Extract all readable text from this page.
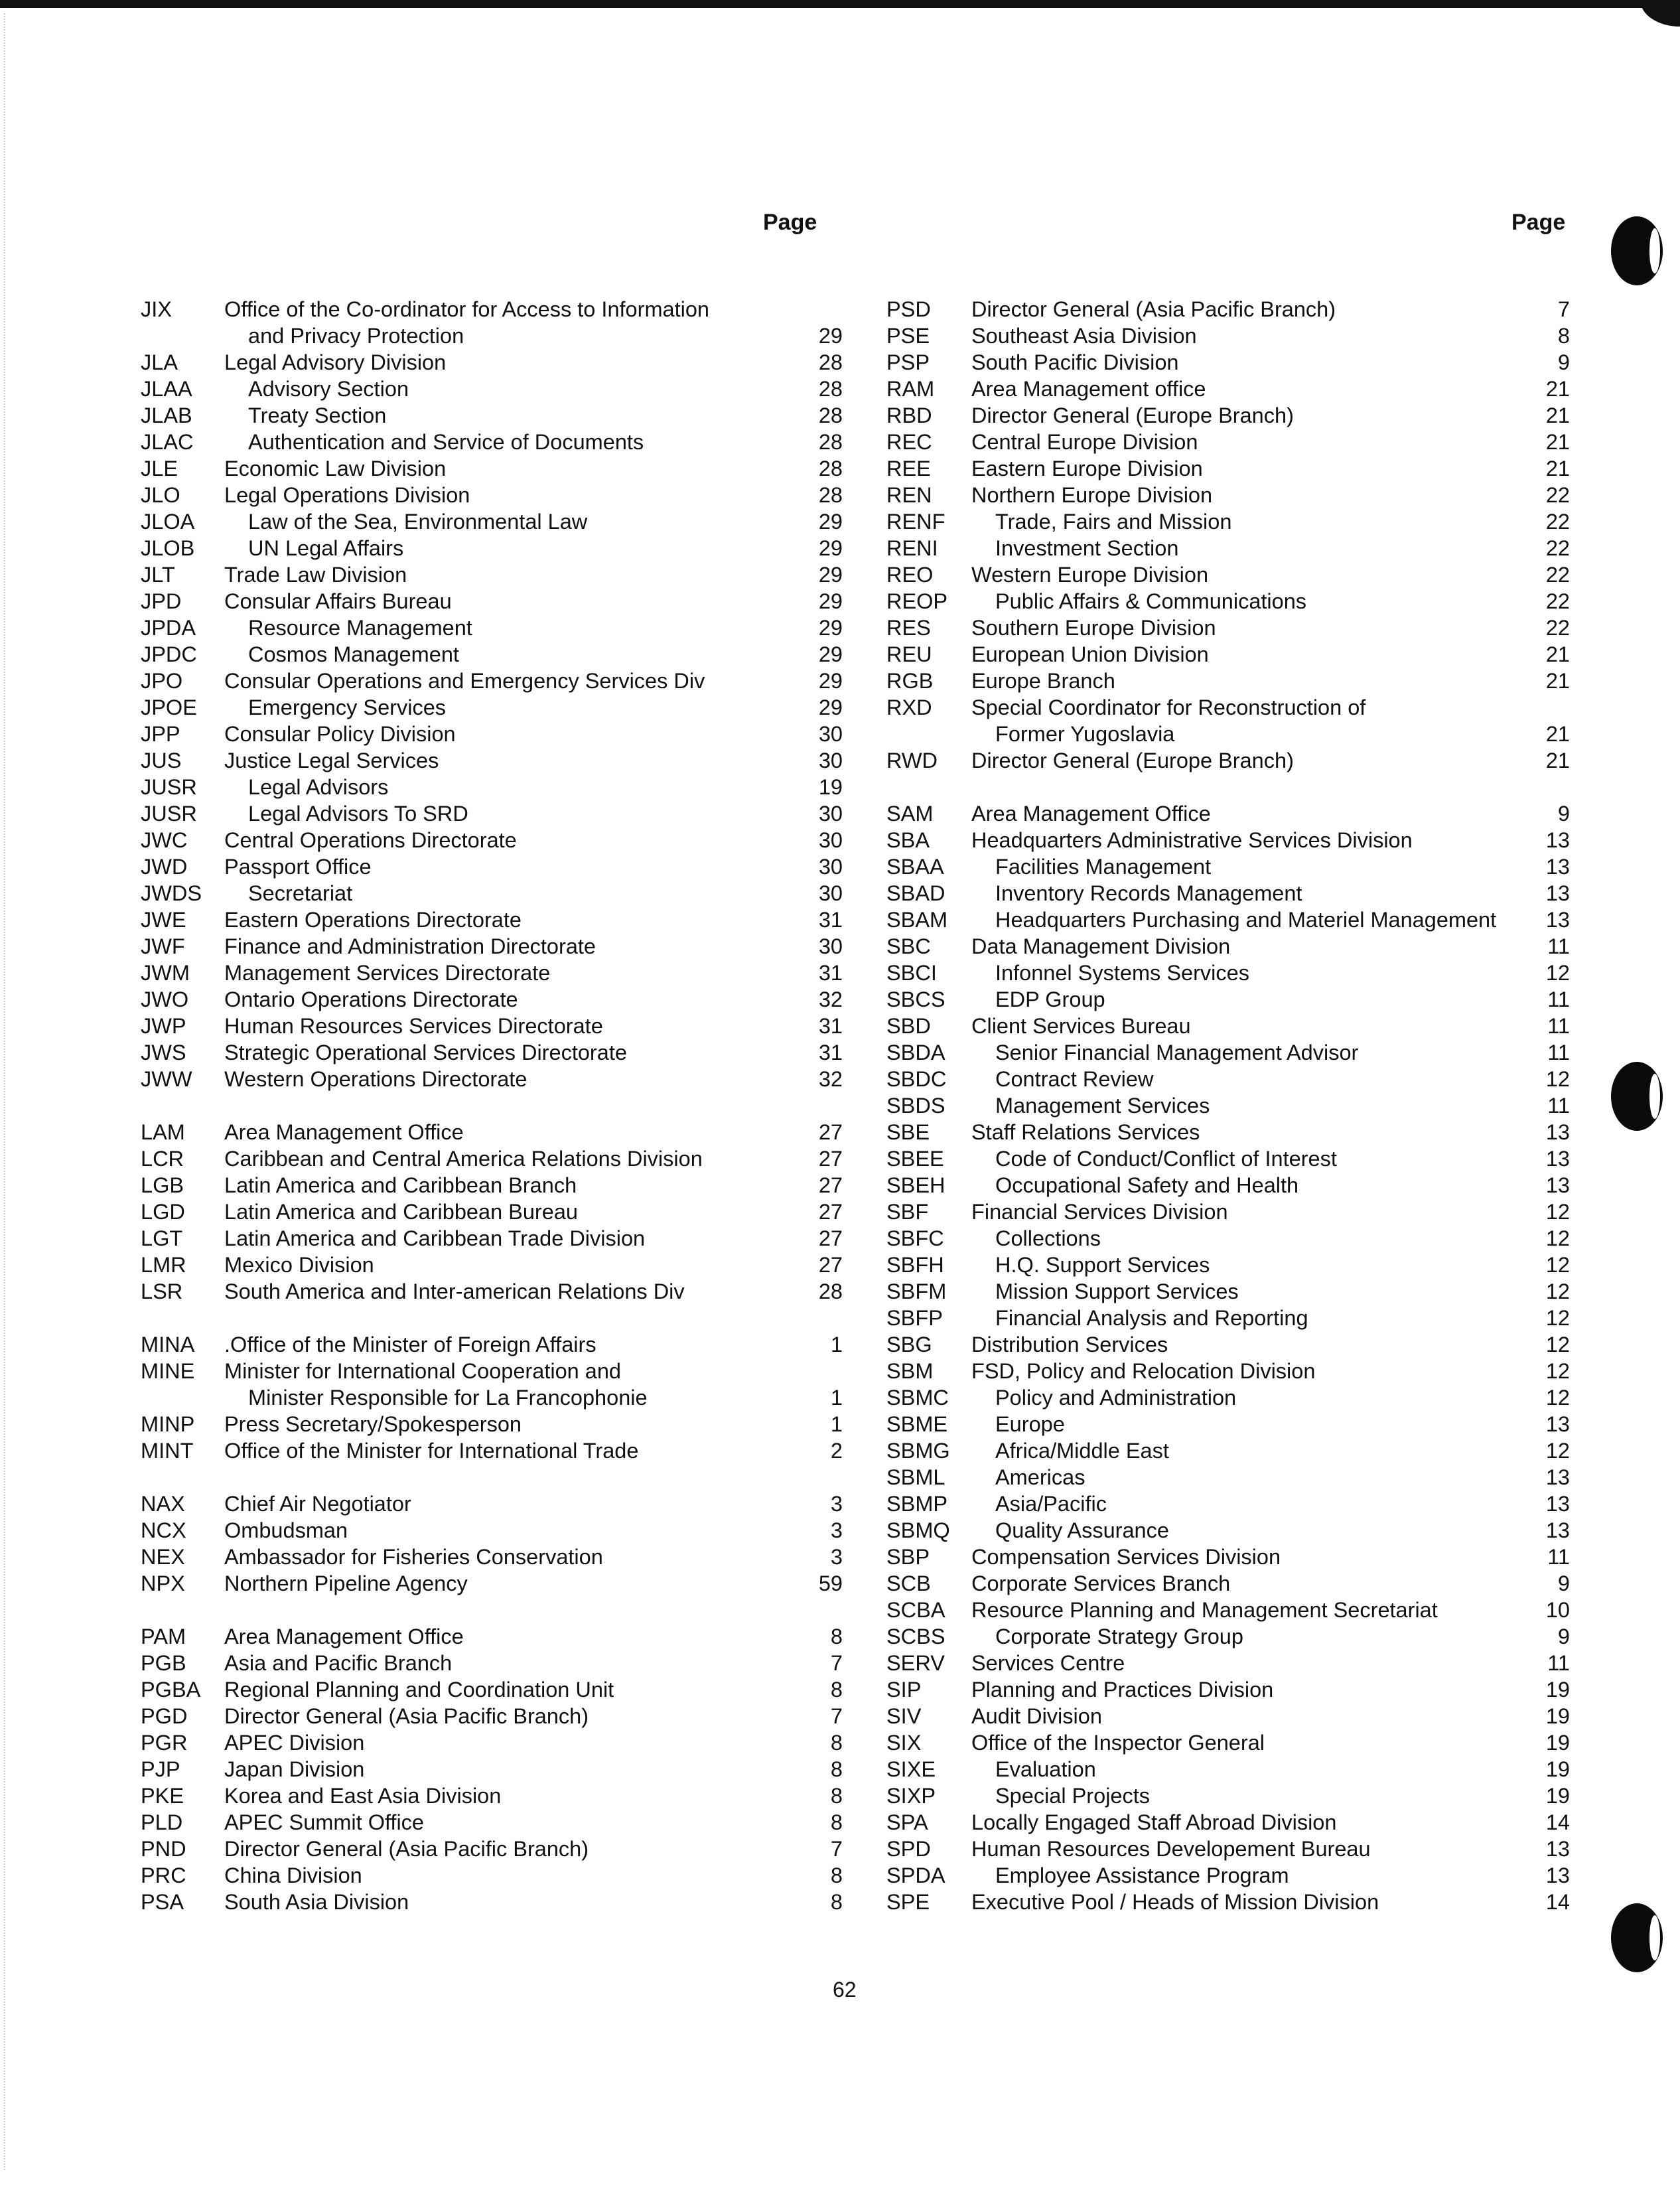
Page	Page
JIX	Office of the Co-ordinator for Access to Information
and Privacy Protection	29
JLA	Legal Advisory Division	28
JLAA	Advisory Section	28
JLAB	Treaty Section	28
JLAC	Authentication and Service of Documents	28
JLE	Economic Law Division	28
JLO	Legal Operations Division	28
JLOA	Law of the Sea, Environmental Law	29
JLOB	UN Legal Affairs	29
JLT	Trade Law Division	29
JPD	Consular Affairs Bureau	29
JPDA	Resource Management	29
JPDC	Cosmos Management	29
JPO	Consular Operations and Emergency Services Div	29
JPOE	Emergency Services	29
JPP	Consular Policy Division	30
JUS	Justice Legal Services	30
JUSR	Legal Advisors	19
JUSR	Legal Advisors To SRD	30
JWC	Central Operations Directorate	30
JWD	Passport Office	30
JWDS	Secretariat	30
JWE	Eastern Operations Directorate	31
JWF	Finance and Administration Directorate	30
JWM	Management Services Directorate	31
JWO	Ontario Operations Directorate	32
JWP	Human Resources Services Directorate	31
JWS	Strategic Operational Services Directorate	31
JWW	Western Operations Directorate	32
LAM	Area Management Office	27
LCR	Caribbean and Central America Relations Division	27
LGB	Latin America and Caribbean Branch	27
LGD	Latin America and Caribbean Bureau	27
LGT	Latin America and Caribbean Trade Division	27
LMR	Mexico Division	27
LSR	South America and Inter-american Relations Div	28
MINA	.Office of the Minister of Foreign Affairs	1
MINE	Minister for International Cooperation and
Minister Responsible for La Francophonie	1
MINP	Press Secretary/Spokesperson	1
MINT	Office of the Minister for International Trade	2
NAX	Chief Air Negotiator	3
NCX	Ombudsman	3
NEX	Ambassador for Fisheries Conservation	3
NPX	Northern Pipeline Agency	59
PAM	Area Management Office	8
PGB	Asia and Pacific Branch	7
PGBA	Regional Planning and Coordination Unit	8
PGD	Director General (Asia Pacific Branch)	7
PGR	APEC Division	8
PJP	Japan Division	8
PKE	Korea and East Asia Division	8
PLD	APEC Summit Office	8
PND	Director General (Asia Pacific Branch)	7
PRC	China Division	8
PSA	South Asia Division	8
PSD	Director General (Asia Pacific Branch)	7
PSE	Southeast Asia Division	8
PSP	South Pacific Division	9
RAM	Area Management office	21
RBD	Director General (Europe Branch)	21
REC	Central Europe Division	21
REE	Eastern Europe Division	21
REN	Northern Europe Division	22
RENF	Trade, Fairs and Mission	22
RENI	Investment Section	22
REO	Western Europe Division	22
REOP	Public Affairs & Communications	22
RES	Southern Europe Division	22
REU	European Union Division	21
RGB	Europe Branch	21
RXD	Special Coordinator for Reconstruction of
Former Yugoslavia	21
RWD	Director General (Europe Branch)	21
SAM	Area Management Office	9
SBA	Headquarters Administrative Services Division	13
SBAA	Facilities Management	13
SBAD	Inventory Records Management	13
SBAM	Headquarters Purchasing and Materiel Management	13
SBC	Data Management Division	11
SBCI	Infonnel Systems Services	12
SBCS	EDP Group	11
SBD	Client Services Bureau	11
SBDA	Senior Financial Management Advisor	11
SBDC	Contract Review	12
SBDS	Management Services	11
SBE	Staff Relations Services	13
SBEE	Code of Conduct/Conflict of Interest	13
SBEH	Occupational Safety and Health	13
SBF	Financial Services Division	12
SBFC	Collections	12
SBFH	H.Q. Support Services	12
SBFM	Mission Support Services	12
SBFP	Financial Analysis and Reporting	12
SBG	Distribution Services	12
SBM	FSD, Policy and Relocation Division	12
SBMC	Policy and Administration	12
SBME	Europe	13
SBMG	Africa/Middle East	12
SBML	Americas	13
SBMP	Asia/Pacific	13
SBMQ	Quality Assurance	13
SBP	Compensation Services Division	11
SCB	Corporate Services Branch	9
SCBA	Resource Planning and Management Secretariat	10
SCBS	Corporate Strategy Group	9
SERV	Services Centre	11
SIP	Planning and Practices Division	19
SIV	Audit Division	19
SIX	Office of the Inspector General	19
SIXE	Evaluation	19
SIXP	Special Projects	19
SPA	Locally Engaged Staff Abroad Division	14
SPD	Human Resources Developement Bureau	13
SPDA	Employee Assistance Program	13
SPE	Executive Pool / Heads of Mission Division	14
62
